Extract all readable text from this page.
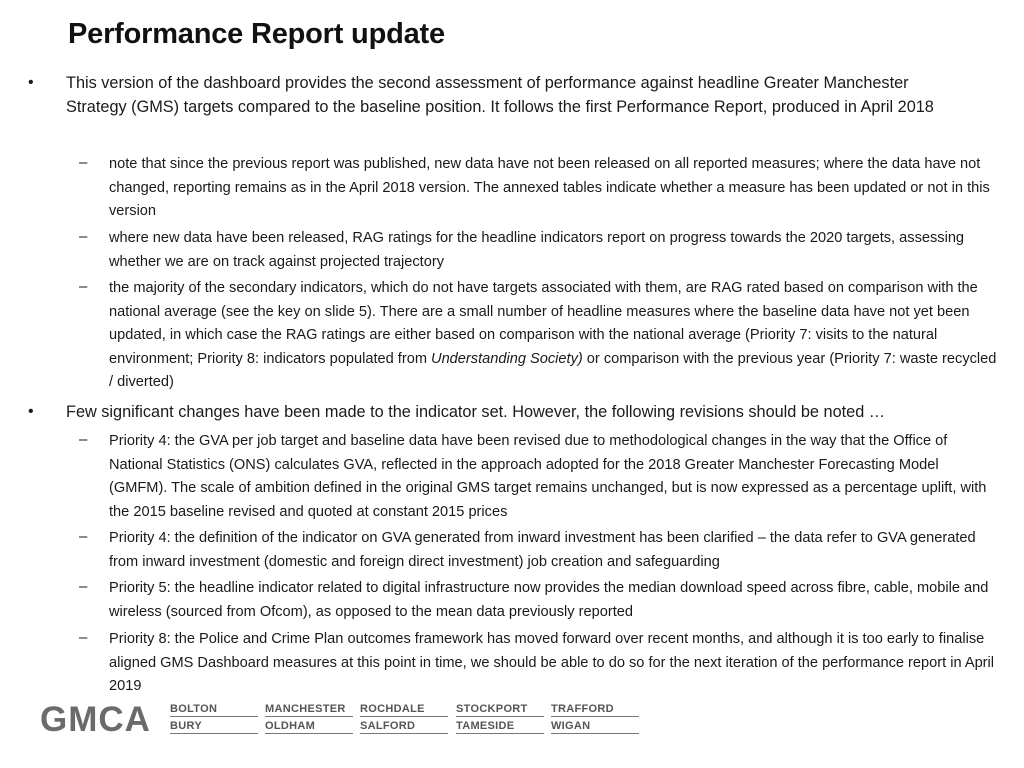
Performance Report update
• This version of the dashboard provides the second assessment of performance against headline Greater Manchester Strategy (GMS) targets compared to the baseline position. It follows the first Performance Report, produced in April 2018
– note that since the previous report was published, new data have not been released on all reported measures; where the data have not changed, reporting remains as in the April 2018 version. The annexed tables indicate whether a measure has been updated or not in this version
– where new data have been released, RAG ratings for the headline indicators report on progress towards the 2020 targets, assessing whether we are on track against projected trajectory
– the majority of the secondary indicators, which do not have targets associated with them, are RAG rated based on comparison with the national average (see the key on slide 5). There are a small number of headline measures where the baseline data have not yet been updated, in which case the RAG ratings are either based on comparison with the national average (Priority 7: visits to the natural environment; Priority 8: indicators populated from Understanding Society) or comparison with the previous year (Priority 7: waste recycled / diverted)
• Few significant changes have been made to the indicator set. However, the following revisions should be noted …
– Priority 4: the GVA per job target and baseline data have been revised due to methodological changes in the way that the Office of National Statistics (ONS) calculates GVA, reflected in the approach adopted for the 2018 Greater Manchester Forecasting Model (GMFM). The scale of ambition defined in the original GMS target remains unchanged, but is now expressed as a percentage uplift, with the 2015 baseline revised and quoted at constant 2015 prices
– Priority 4: the definition of the indicator on GVA generated from inward investment has been clarified – the data refer to GVA generated from inward investment (domestic and foreign direct investment) job creation and safeguarding
– Priority 5: the headline indicator related to digital infrastructure now provides the median download speed across fibre, cable, mobile and wireless (sourced from Ofcom), as opposed to the mean data previously reported
– Priority 8: the Police and Crime Plan outcomes framework has moved forward over recent months, and although it is too early to finalise aligned GMS Dashboard measures at this point in time, we should be able to do so for the next iteration of the performance report in April 2019
GMCA BOLTON
BURY
MANCHESTER
OLDHAM
ROCHDALE
SALFORD
STOCKPORT
TAMESIDE
TRAFFORD
WIGAN
